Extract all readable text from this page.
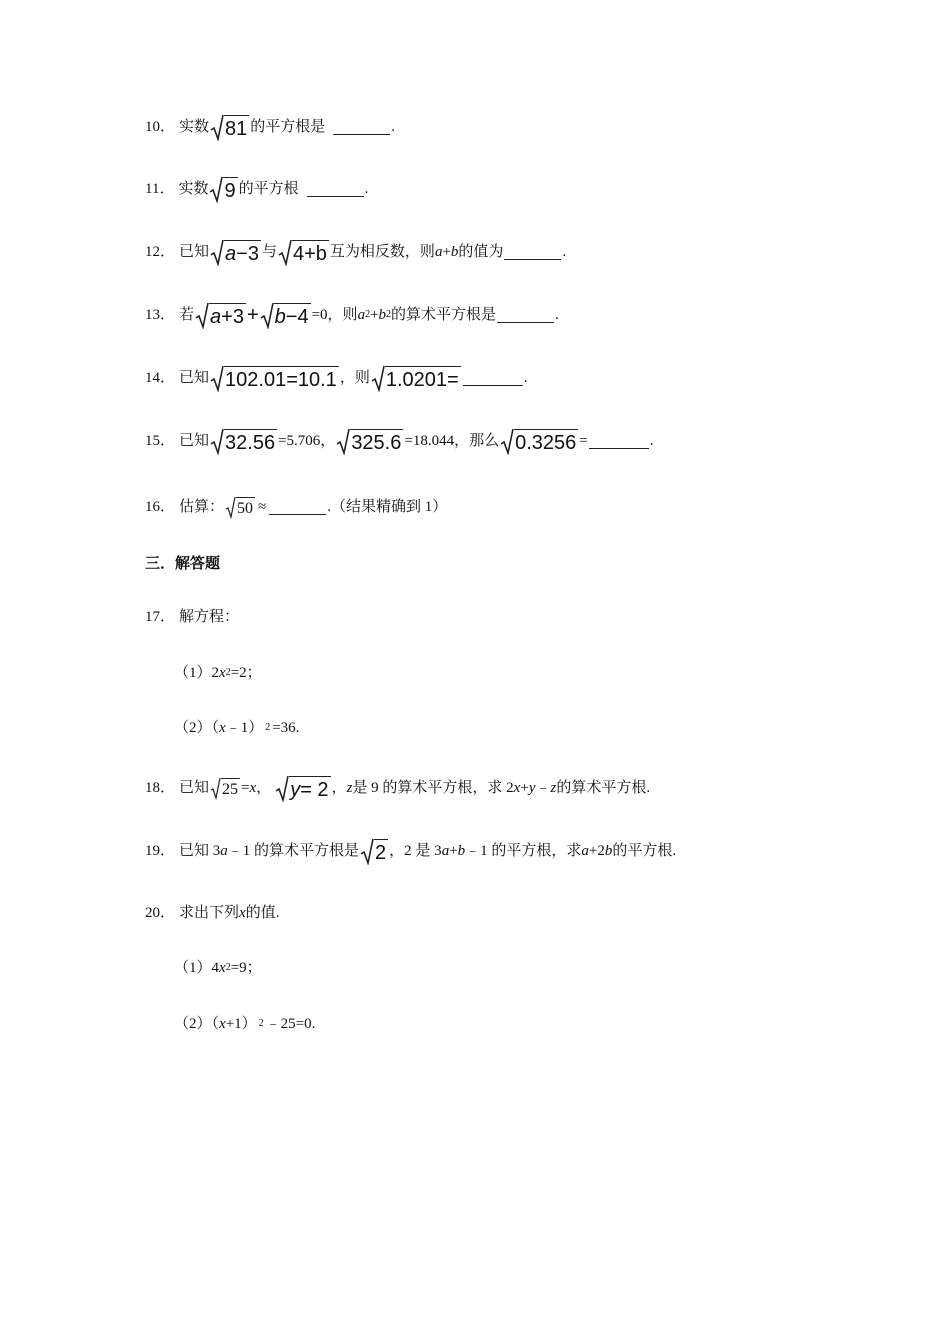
10． 实数 81 的平方根是	.
11． 实数 9 的平方根	.
12． 已知 a−3 与 4+b 互为相反数，则 a + b 的值为	.
13． 若 a+3 + b−4 =0，则 a 2 + b 2 的算术平方根是	.
14． 已知 102.01=10.1 ，则 1.0201=	.
15． 已知 32.56 =5.706， 325.6 =18.044，那么 0.3256 =	.
16． 估算： 50 ≈	.（结果精确到 1）
三．解答题
17． 解方程：
（1）2 x 2 =2；
（2）（ x ﹣1） 2 =36.
18． 已知 25 = x ， y= 2 ， z 是 9 的算术平方根，求 2 x + y ﹣ z 的算术平方根.
19． 已知 3 a ﹣1 的算术平方根是 2 ，2 是 3 a + b ﹣1 的平方根，求 a +2 b 的平方根.
20． 求出下列 x 的值.
（1）4 x 2 =9；
（2）（ x +1） 2 ﹣25=0.
